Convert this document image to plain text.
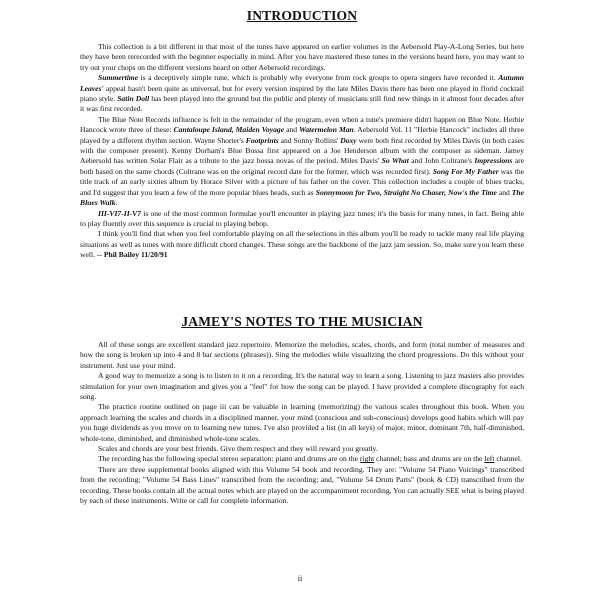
INTRODUCTION

This collection is a bit different in that most of the tunes have appeared on earlier volumes in the Aebersold Play-A-Long Series, but here they have been rerecorded with the beginner especially in mind. After you have mastered these tunes in the versions heard here, you may want to try out your chops on the different versions heard on other Aebersold recordings.

Summertime is a deceptively simple tune, which is probably why everyone from rock groups to opera singers have recorded it. Autumn Leaves' appeal hasn't been quite as universal, but for every version inspired by the late Miles Davis there has been one played in florid cocktail piano style. Satin Doll has been played into the ground but the public and plenty of musicians still find new things in it almost four decades after it was first recorded.

The Blue Note Records influence is felt in the remainder of the program, even when a tune's premiere didn't happen on Blue Note. Herbie Hancock wrote three of these: Cantaloupe Island, Maiden Voyage and Watermelon Man. Aebersold Vol. 11 "Herbie Hancock" includes all three played by a different rhythm section. Wayne Shorter's Footprints and Sonny Rollins' Doxy were both first recorded by Miles Davis (in both cases with the composer present). Kenny Dorham's Blue Bossa first appeared on a Joe Henderson album with the composer as sideman. Jamey Aebersold has written Solar Flair as a tribute to the jazz bossa novas of the period. Miles Davis' So What and John Coltrane's Impressions are both based on the same chords (Coltrane was on the original record date for the former, which was recorded first). Song For My Father was the title track of an early sixties album by Horace Silver with a picture of his father on the cover. This collection includes a couple of blues tracks, and I'd suggest that you learn a few of the more popular blues heads, such as Sonnymoon for Two, Straight No Chaser, Now's the Time and The Blues Walk.

III-VI7-II-V7 is one of the most common formulae you'll encounter in playing jazz tunes; it's the basis for many tunes, in fact. Being able to play fluently over this sequence is crucial to playing bebop.

I think you'll find that when you feel comfortable playing on all the selections in this album you'll be ready to tackle many real life playing situations as well as tunes with more difficult chord changes. These songs are the backbone of the jazz jam session. So, make sure you learn these well. -- Phil Bailey 11/20/91

JAMEY'S NOTES TO THE MUSICIAN

All of these songs are excellent standard jazz repertoire. Memorize the melodies, scales, chords, and form (total number of measures and how the song is broken up into 4 and 8 bar sections (phrases)). Sing the melodies while visualizing the chord progressions. Do this without your instrument. Just use your mind.

A good way to memorize a song is to listen to it on a recording. It's the natural way to learn a song. Listening to jazz masters also provides stimulation for your own imagination and gives you a "feel" for how the song can be played. I have provided a complete discography for each song.

The practice routine outlined on page iii can be valuable in learning (memorizing) the various scales throughout this book. When you approach learning the scales and chords in a disciplined manner, your mind (conscious and sub-conscious) develops good habits which will pay you huge dividends as you move on to learning new tunes. I've also provided a list (in all keys) of major, minor, dominant 7th, half-diminished, whole-tone, diminished, and diminished whole-tone scales.

Scales and chords are your best friends. Give them respect and they will reward you greatly.

The recording has the following special stereo separation: piano and drums are on the right channel; bass and drums are on the left channel.

There are three supplemental books aligned with this Volume 54 book and recording. They are: "Volume 54 Piano Voicings" transcribed from the recording; "Volume 54 Bass Lines" transcribed from the recording; and, "Volume 54 Drum Parts" (book & CD) transcribed from the recording. These books contain all the actual notes which are played on the accompaniment recording, You can actually SEE what is being played by each of these instruments. Write or call for complete information.

ii
